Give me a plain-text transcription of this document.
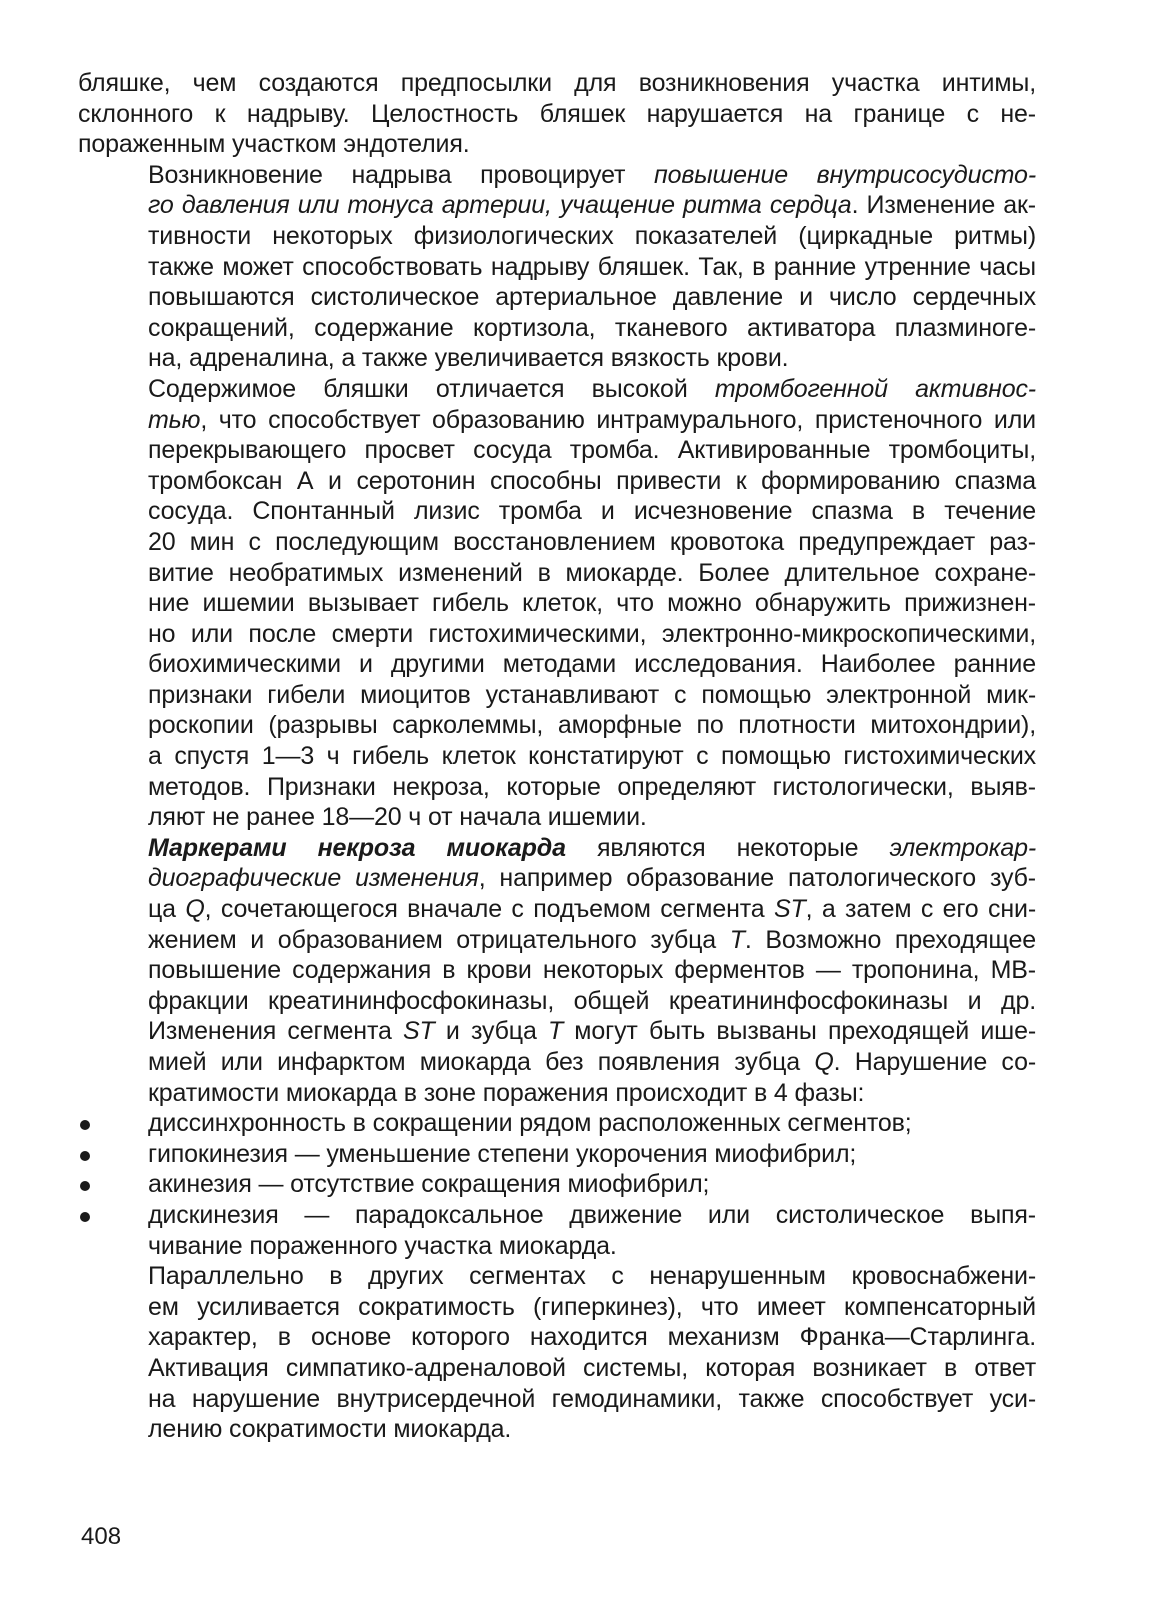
бляшке, чем создаются предпосылки для возникновения участка интимы,
склонного к надрыву. Целостность бляшек нарушается на границе с не-
пораженным участком эндотелия.

Возникновение надрыва провоцирует повышение внутрисосудисто-
го давления или тонуса артерии, учащение ритма сердца. Изменение ак-
тивности некоторых физиологических показателей (циркадные ритмы)
также может способствовать надрыву бляшек. Так, в ранние утренние часы
повышаются систолическое артериальное давление и число сердечных
сокращений, содержание кортизола, тканевого активатора плазминоге-
на, адреналина, а также увеличивается вязкость крови.

Содержимое бляшки отличается высокой тромбогенной активнос-
тью, что способствует образованию интрамурального, пристеночного или
перекрывающего просвет сосуда тромба. Активированные тромбоциты,
тромбоксан А и серотонин способны привести к формированию спазма
сосуда. Спонтанный лизис тромба и исчезновение спазма в течение
20 мин с последующим восстановлением кровотока предупреждает раз-
витие необратимых изменений в миокарде. Более длительное сохране-
ние ишемии вызывает гибель клеток, что можно обнаружить прижизнен-
но или после смерти гистохимическими, электронно-микроскопическими,
биохимическими и другими методами исследования. Наиболее ранние
признаки гибели миоцитов устанавливают с помощью электронной мик-
роскопии (разрывы сарколеммы, аморфные по плотности митохондрии),
а спустя 1—3 ч гибель клеток констатируют с помощью гистохимических
методов. Признаки некроза, которые определяют гистологически, выяв-
ляют не ранее 18—20 ч от начала ишемии.

Маркерами некроза миокарда являются некоторые электрокар-
диографические изменения, например образование патологического зуб-
ца Q, сочетающегося вначале с подъемом сегмента ST, а затем с его сни-
жением и образованием отрицательного зубца Т. Возможно преходящее
повышение содержания в крови некоторых ферментов — тропонина, МВ-
фракции креатининфосфокиназы, общей креатининфосфокиназы и др.
Изменения сегмента ST и зубца Т могут быть вызваны преходящей ише-
мией или инфарктом миокарда без появления зубца Q. Нарушение со-
кратимости миокарда в зоне поражения происходит в 4 фазы:

диссинхронность в сокращении рядом расположенных сегментов;
гипокинезия — уменьшение степени укорочения миофибрил;
акинезия — отсутствие сокращения миофибрил;
дискинезия — парадоксальное движение или систолическое выпя-
чивание пораженного участка миокарда.

Параллельно в других сегментах с ненарушенным кровоснабжени-
ем усиливается сократимость (гиперкинез), что имеет компенсаторный
характер, в основе которого находится механизм Франка—Старлинга.
Активация симпатико-адреналовой системы, которая возникает в ответ
на нарушение внутрисердечной гемодинамики, также способствует уси-
лению сократимости миокарда.

408
